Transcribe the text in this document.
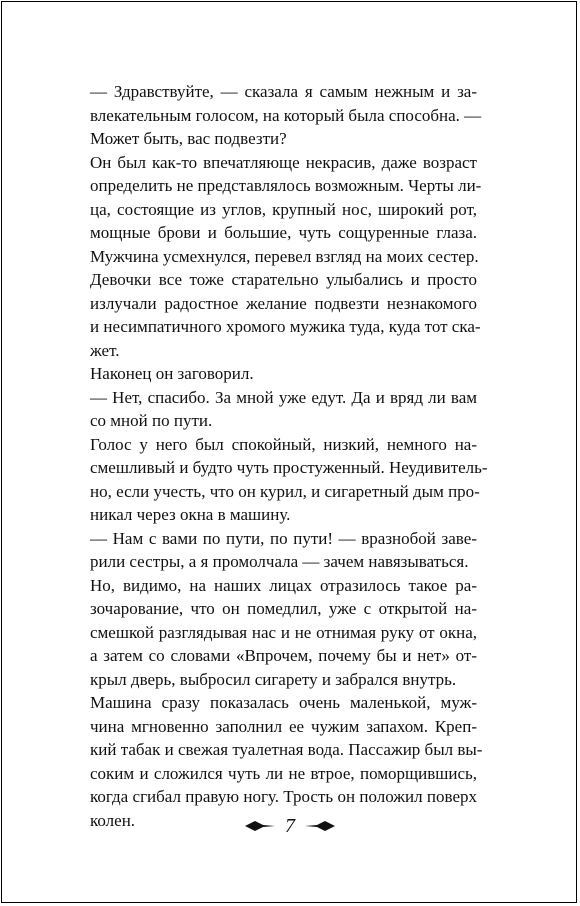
— Здравствуйте, — сказала я самым нежным и за-
влекательным голосом, на который была способна. —
Может быть, вас подвезти?

Он был как-то впечатляюще некрасив, даже возраст
определить не представлялось возможным. Черты ли-
ца, состоящие из углов, крупный нос, широкий рот,
мощные брови и большие, чуть сощуренные глаза.
Мужчина усмехнулся, перевел взгляд на моих сестер.
Девочки все тоже старательно улыбались и просто
излучали радостное желание подвезти незнакомого
и несимпатичного хромого мужика туда, куда тот ска-
жет.

Наконец он заговорил.

— Нет, спасибо. За мной уже едут. Да и вряд ли вам
со мной по пути.

Голос у него был спокойный, низкий, немного на-
смешливый и будто чуть простуженный. Неудивитель-
но, если учесть, что он курил, и сигаретный дым про-
никал через окна в машину.

— Нам с вами по пути, по пути! — вразнобой завe-
рили сестры, а я промолчала — зачем навязываться.

Но, видимо, на наших лицах отразилось такое ра-
зочарование, что он помедлил, уже с открытой на-
смешкой разглядывая нас и не отнимая руку от окна,
а затем со словами «Впрочем, почему бы и нет» от-
крыл дверь, выбросил сигарету и забрался внутрь.

Машина сразу показалась очень маленькой, муж-
чина мгновенно заполнил ее чужим запахом. Креп-
кий табак и свежая туалетная вода. Пассажир был вы-
соким и сложился чуть ли не втрое, поморщившись,
когда сгибал правую ногу. Трость он положил поверх
колен.	7
